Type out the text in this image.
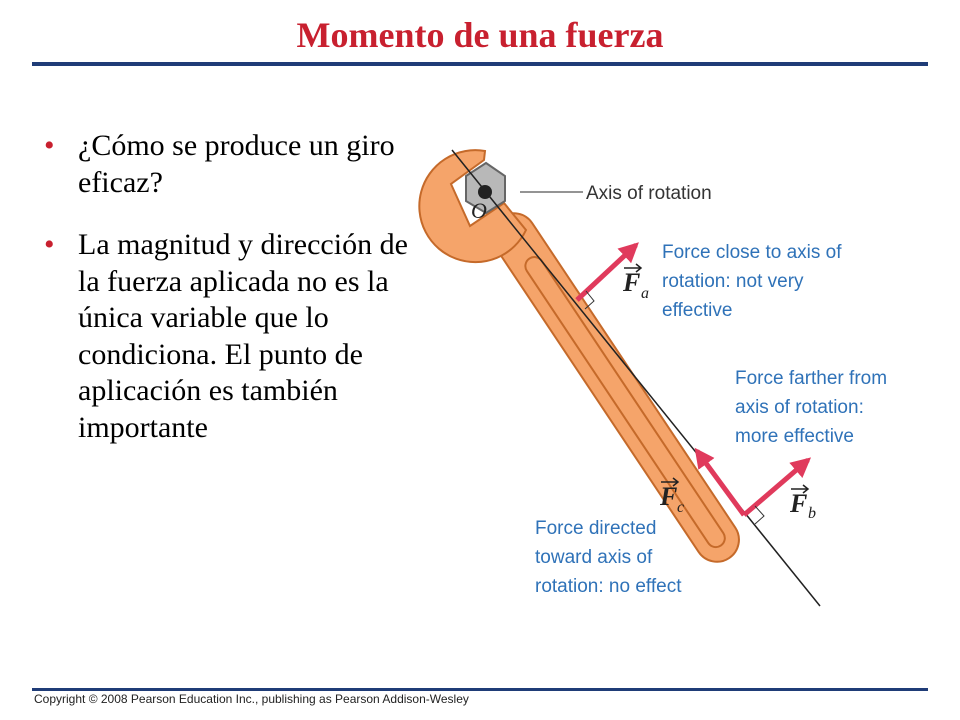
Momento de una fuerza
• ¿Cómo se produce un giro eficaz?
• La magnitud y dirección de la fuerza aplicada no es la única variable que lo condiciona. El punto de aplicación es también importante
O
Axis of rotation
F a
Force close to axis of
rotation: not very
effective
F b
Force farther from
axis of rotation:
more effective
F c
Force directed
toward axis of
rotation: no effect
Copyright © 2008 Pearson Education Inc., publishing as Pearson Addison-Wesley
